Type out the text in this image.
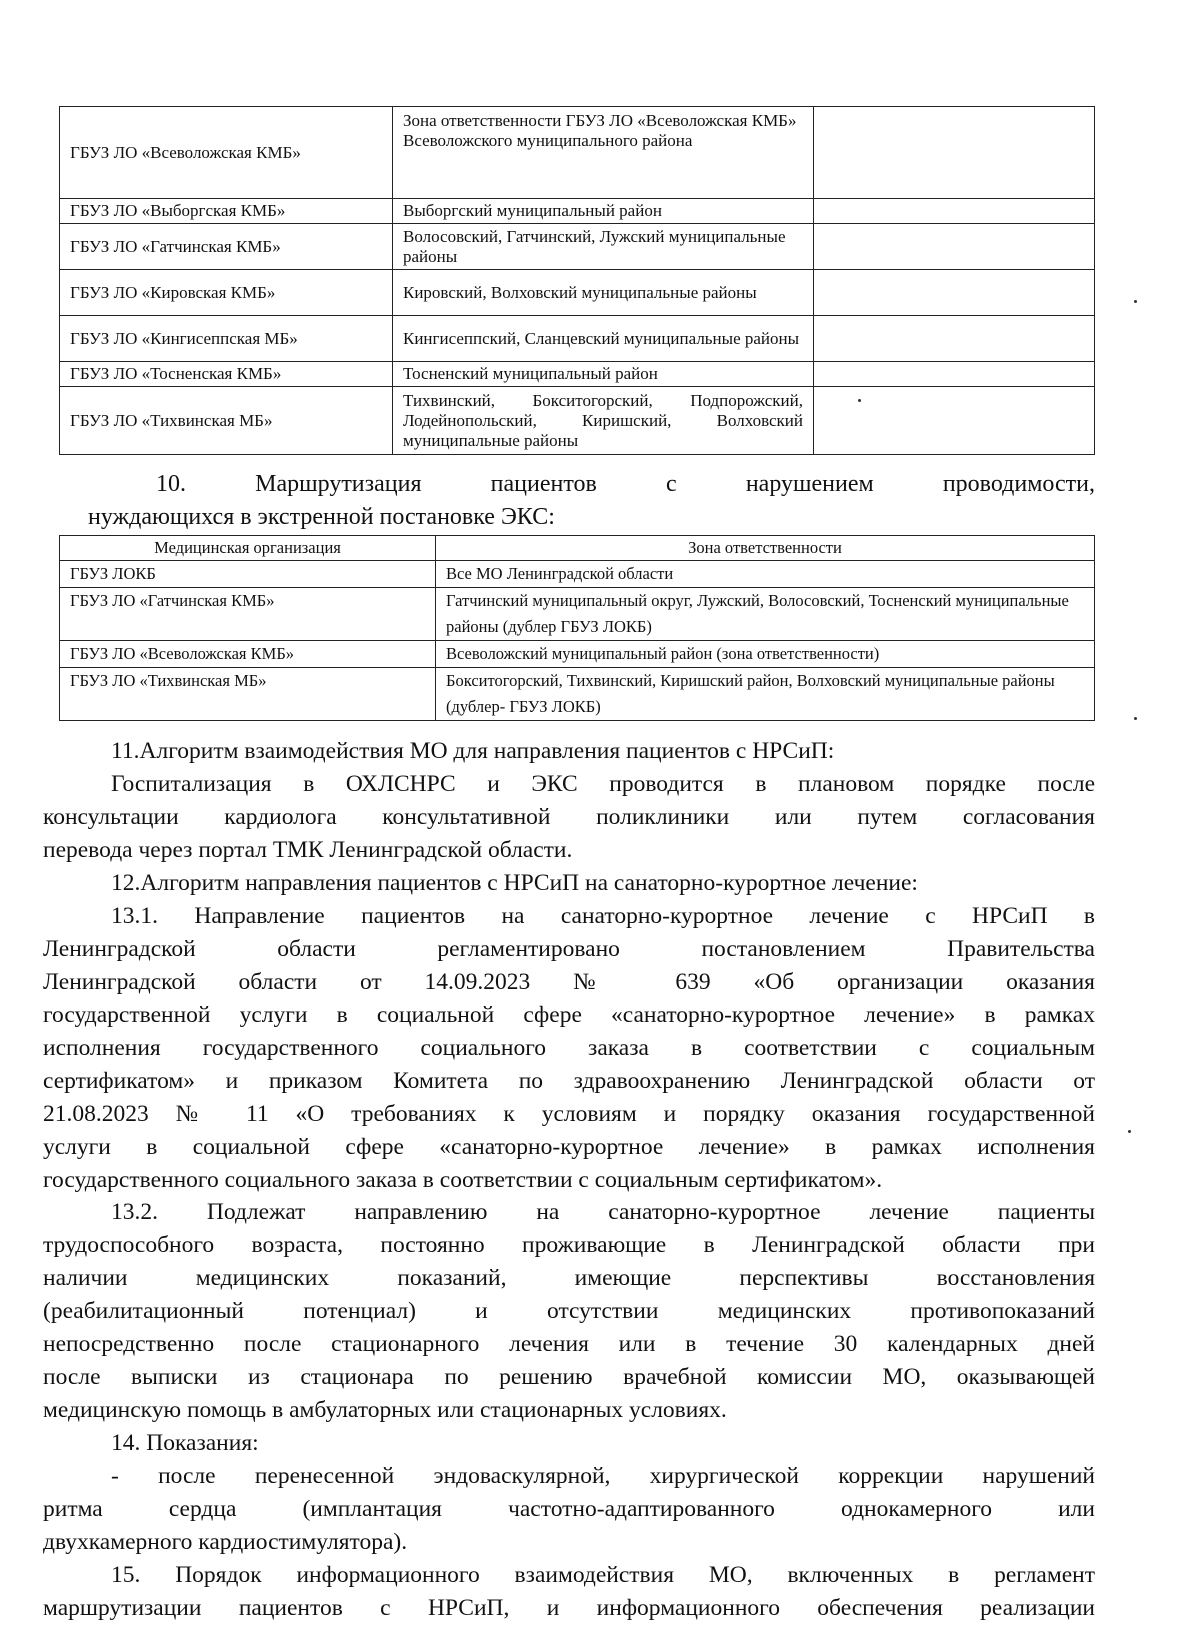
ГБУЗ ЛО «Всеволожская КМБ»	Зона ответственности ГБУЗ ЛО «Всеволожская КМБ» Всеволожского муниципального района	
ГБУЗ ЛО «Выборгская КМБ»	Выборгский муниципальный район	
ГБУЗ ЛО «Гатчинская КМБ»	Волосовский, Гатчинский, Лужский муниципальные районы	
ГБУЗ ЛО «Кировская КМБ»	Кировский, Волховский муниципальные районы	
ГБУЗ ЛО «Кингисеппская МБ»	Кингисеппский, Сланцевский муниципальные районы	
ГБУЗ ЛО «Тосненская КМБ»	Тосненский муниципальный район	
ГБУЗ ЛО «Тихвинская МБ»	Тихвинский, Бокситогорский, Подпорожский, Лодейнопольский, Киришский, Волховский муниципальные районы	
10.	Маршрутизация	пациентов	с	нарушением	проводимости,
нуждающихся в экстренной постановке ЭКС:
Медицинская организация	Зона ответственности
ГБУЗ ЛОКБ	Все МО Ленинградской области
ГБУЗ ЛО «Гатчинская КМБ»	Гатчинский муниципальный округ, Лужский, Волосовский, Тосненский муниципальные районы (дублер ГБУЗ ЛОКБ)
ГБУЗ ЛО «Всеволожская КМБ»	Всеволожский муниципальный район (зона ответственности)
ГБУЗ ЛО «Тихвинская МБ»	Бокситогорский, Тихвинский, Киришский район, Волховский муниципальные районы (дублер- ГБУЗ ЛОКБ)
11.Алгоритм взаимодействия МО для направления пациентов с НРСиП:
Госпитализация в ОХЛСНРС и ЭКС проводится в плановом порядке после
консультации кардиолога консультативной поликлиники или путем согласования
перевода через портал ТМК Ленинградской области.
12.Алгоритм направления пациентов с НРСиП на санаторно-курортное лечение:
13.1. Направление пациентов на санаторно-курортное лечение с НРСиП в
Ленинградской области регламентировано постановлением Правительства
Ленинградской области от 14.09.2023 № 639 «Об организации оказания
государственной услуги в социальной сфере «санаторно-курортное лечение» в рамках
исполнения государственного социального заказа в соответствии с социальным
сертификатом» и приказом Комитета по здравоохранению Ленинградской области от
21.08.2023 № 11 «О требованиях к условиям и порядку оказания государственной
услуги в социальной сфере «санаторно-курортное лечение» в рамках исполнения
государственного социального заказа в соответствии с социальным сертификатом».
13.2. Подлежат направлению на санаторно-курортное лечение пациенты
трудоспособного возраста, постоянно проживающие в Ленинградской области при
наличии медицинских показаний, имеющие перспективы восстановления
(реабилитационный потенциал) и отсутствии медицинских противопоказаний
непосредственно после стационарного лечения или в течение 30 календарных дней
после выписки из стационара по решению врачебной комиссии МО, оказывающей
медицинскую помощь в амбулаторных или стационарных условиях.
14. Показания:
- после перенесенной эндоваскулярной, хирургической коррекции нарушений
ритма сердца (имплантация частотно-адаптированного однокамерного или
двухкамерного кардиостимулятора).
15. Порядок информационного взаимодействия МО, включенных в регламент
маршрутизации пациентов с НРСиП, и информационного обеспечения реализации
